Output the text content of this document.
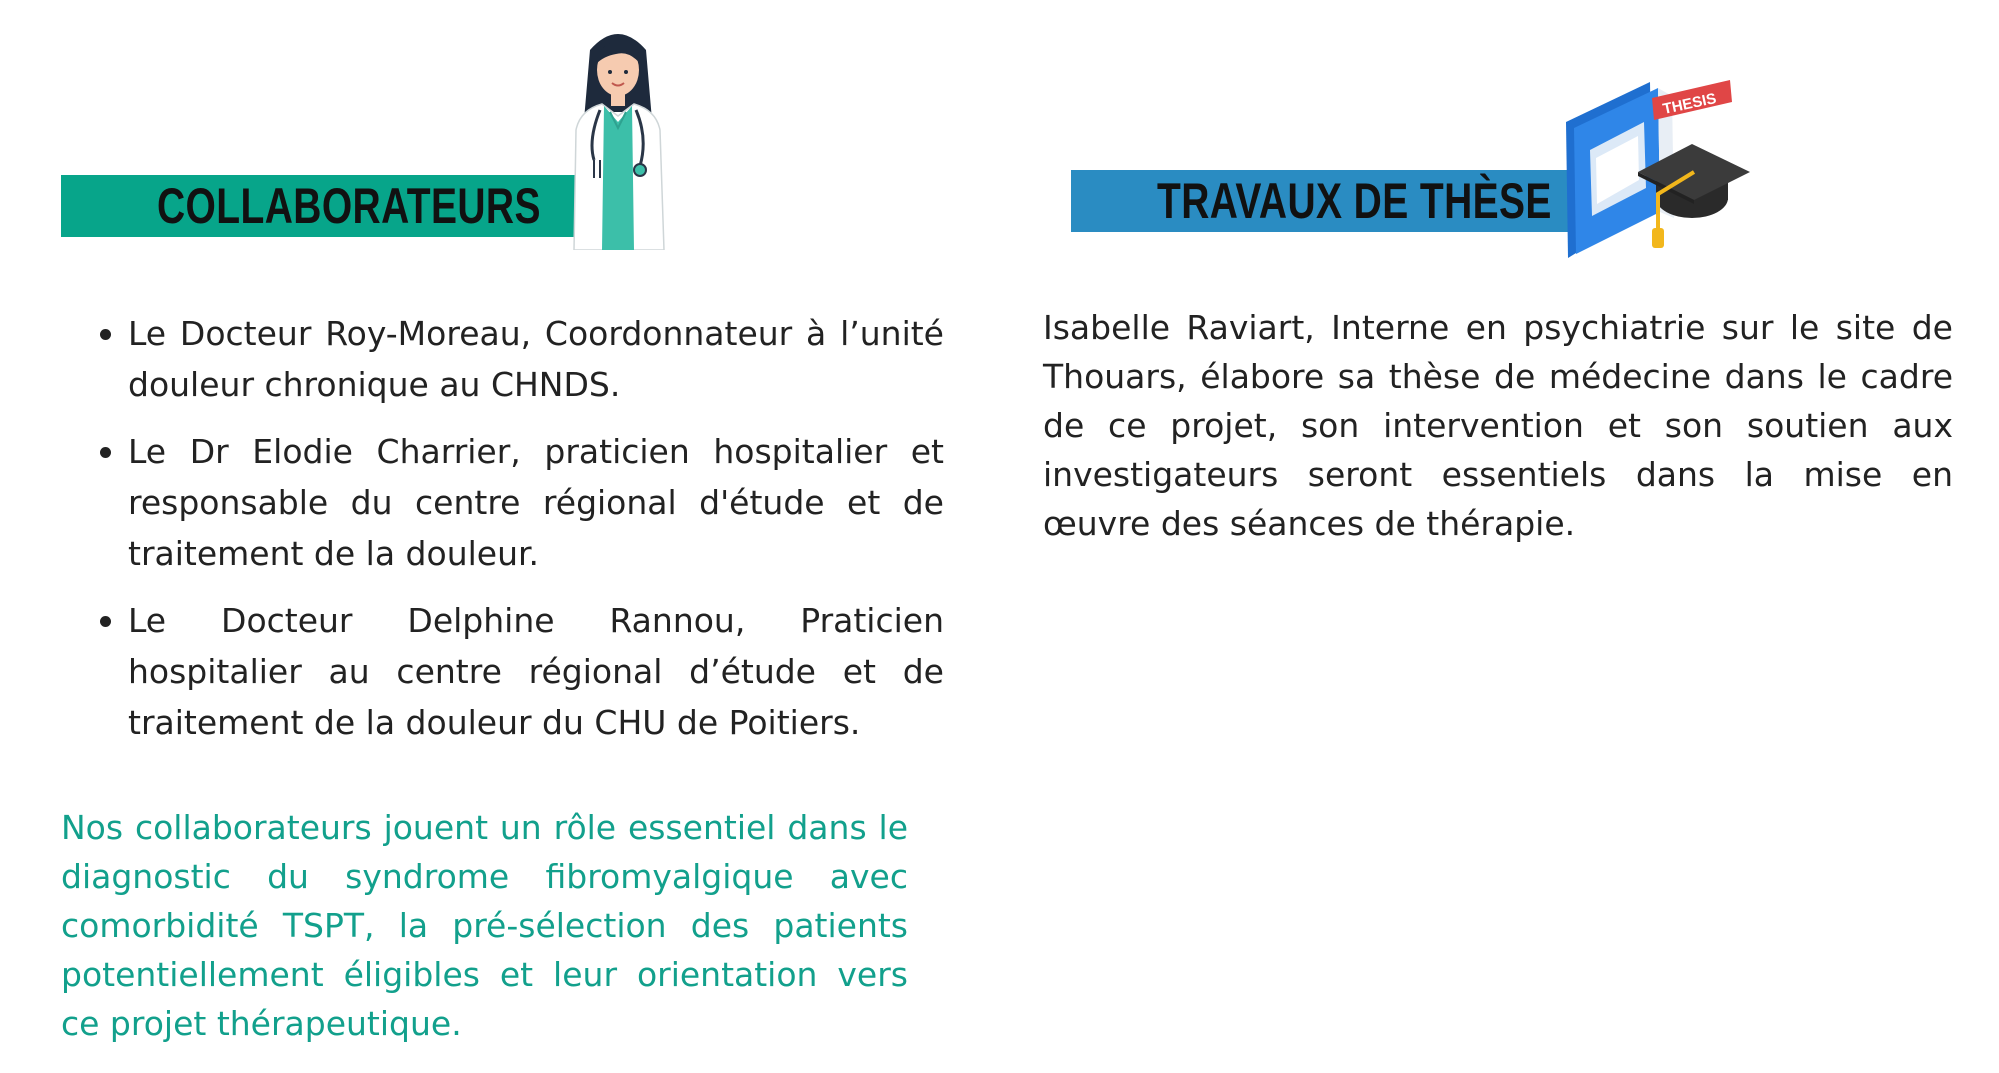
COLLABORATEURS
Le Docteur Roy-Moreau, Coordonnateur à l’unité douleur chronique au CHNDS.
Le Dr Elodie Charrier, praticien hospitalier et responsable du centre régional d'étude et de traitement de la douleur.
Le Docteur Delphine Rannou, Praticien hospitalier au centre régional d’étude et de traitement de la douleur du CHU de Poitiers.

Nos collaborateurs jouent un rôle essentiel dans le diagnostic du syndrome fibromyalgique avec comorbidité TSPT, la pré-sélection des patients potentiellement éligibles et leur orientation vers ce projet thérapeutique.

TRAVAUX DE THÈSE
THESIS

Isabelle Raviart, Interne en psychiatrie sur le site de Thouars, élabore sa thèse de médecine dans le cadre de ce projet, son intervention et son soutien aux investigateurs seront essentiels dans la mise en œuvre des séances de thérapie.
